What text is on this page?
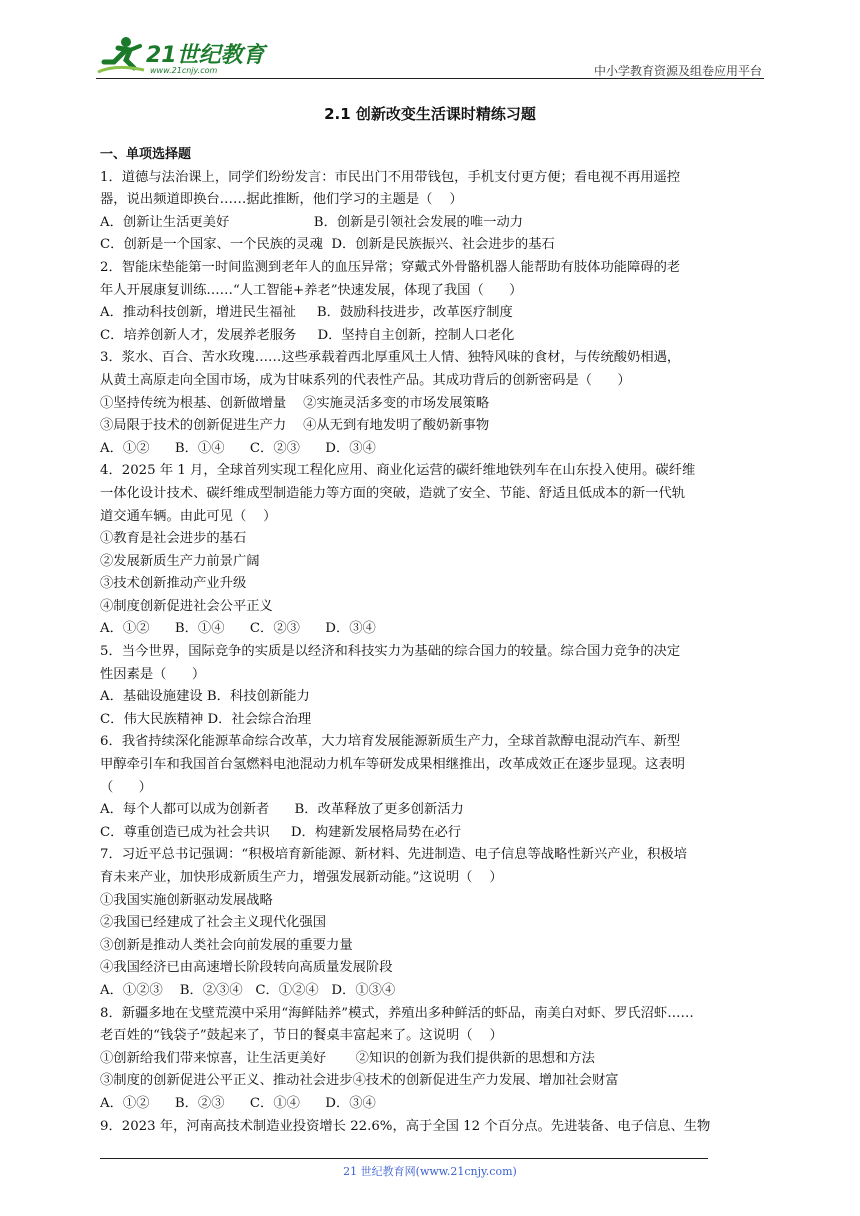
21世纪教育
www.21cnjy.com	中小学教育资源及组卷应用平台
2.1 创新改变生活课时精练习题
一、单项选择题
1．道德与法治课上，同学们纷纷发言：市民出门不用带钱包，手机支付更方便；看电视不再用遥控
器，说出频道即换台……据此推断，他们学习的主题是（    ）
A．创新让生活更美好                    B．创新是引领社会发展的唯一动力
C．创新是一个国家、一个民族的灵魂  D．创新是民族振兴、社会进步的基石
2．智能床垫能第一时间监测到老年人的血压异常；穿戴式外骨骼机器人能帮助有肢体功能障碍的老
年人开展康复训练……“人工智能+养老”快速发展，体现了我国（      ）
A．推动科技创新，增进民生福祉     B．鼓励科技进步，改革医疗制度
C．培养创新人才，发展养老服务     D．坚持自主创新，控制人口老化
3．浆水、百合、苦水玫瑰……这些承载着西北厚重风土人情、独特风味的食材，与传统酸奶相遇，
从黄土高原走向全国市场，成为甘味系列的代表性产品。其成功背后的创新密码是（      ）
①坚持传统为根基、创新做增量    ②实施灵活多变的市场发展策略
③局限于技术的创新促进生产力    ④从无到有地发明了酸奶新事物
A．①②      B．①④      C．②③      D．③④
4．2025 年 1 月，全球首列实现工程化应用、商业化运营的碳纤维地铁列车在山东投入使用。碳纤维
一体化设计技术、碳纤维成型制造能力等方面的突破，造就了安全、节能、舒适且低成本的新一代轨
道交通车辆。由此可见（    ）
①教育是社会进步的基石
②发展新质生产力前景广阔
③技术创新推动产业升级
④制度创新促进社会公平正义
A．①②      B．①④      C．②③      D．③④
5．当今世界，国际竞争的实质是以经济和科技实力为基础的综合国力的较量。综合国力竞争的决定
性因素是（      ）
A．基础设施建设 B．科技创新能力
C．伟大民族精神 D．社会综合治理
6．我省持续深化能源革命综合改革，大力培育发展能源新质生产力，全球首款醇电混动汽车、新型
甲醇牵引车和我国首台氢燃料电池混动力机车等研发成果相继推出，改革成效正在逐步显现。这表明
（      ）
A．每个人都可以成为创新者      B．改革释放了更多创新活力
C．尊重创造已成为社会共识     D．构建新发展格局势在必行
7．习近平总书记强调：“积极培育新能源、新材料、先进制造、电子信息等战略性新兴产业，积极培
育未来产业，加快形成新质生产力，增强发展新动能。”这说明（    ）
①我国实施创新驱动发展战略
②我国已经建成了社会主义现代化强国
③创新是推动人类社会向前发展的重要力量
④我国经济已由高速增长阶段转向高质量发展阶段
A．①②③    B．②③④   C．①②④   D．①③④
8．新疆多地在戈壁荒漠中采用“海鲜陆养”模式，养殖出多种鲜活的虾品，南美白对虾、罗氏沼虾……
老百姓的“钱袋子”鼓起来了，节日的餐桌丰富起来了。这说明（    ）
①创新给我们带来惊喜，让生活更美好       ②知识的创新为我们提供新的思想和方法
③制度的创新促进公平正义、推动社会进步④技术的创新促进生产力发展、增加社会财富
A．①②      B．②③      C．①④      D．③④
9．2023 年，河南高技术制造业投资增长 22.6%，高于全国 12 个百分点。先进装备、电子信息、生物
21 世纪教育网(www.21cnjy.com)
